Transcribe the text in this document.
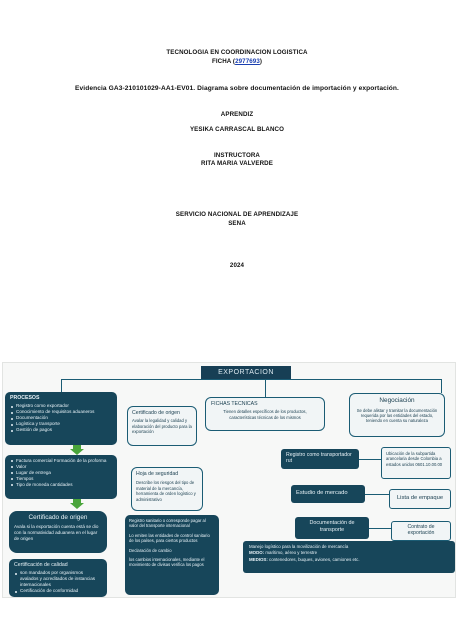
TECNOLOGIA EN COORDINACION LOGISTICA
FICHA (2977693)
Evidencia GA3-210101029-AA1-EV01. Diagrama sobre documentación de importación y exportación.
APRENDIZ
YESIKA CARRASCAL BLANCO
INSTRUCTORA
RITA MARIA VALVERDE
SERVICIO NACIONAL DE APRENDIZAJE
SENA
2024
EXPORTACION
PROCESOS
Registro como exportador
Conocimiento de requisitos aduaneros
Documentación
Logística y transporte
Gestión de pagos
Factura comercial Formación de la proforma
Valor
Lugar de entrega
Tiempos
Tipo de moneda cantidades
Certificado de origen
Avala si la exportación cuenta está se dio con la normatividad aduanera en el lugar de origen
Certificación de calidad
son mandados por organismos avalados y acreditados de instancias internacionales
Certificación de conformidad
Certificado de origen
Avalar la legalidad y calidad y elaboración del producto para la exportación
Hoja de seguridad
Describe los riesgos del tipo de material de la mercancía, herramienta de orden logístico y administrativo
Registro sanitario o corresponde pagar al valor del transporte internacional
Lo emiten las entidades de control sanitario de los países, para ciertos productos
Declaración de cambio
los cambios internacionales, mediante el movimiento de divisas verifica los pagos
FICHAS TECNICAS
Tienen detalles específicos de los productos, características técnicas de los mismos
Negociación
Se debe alistar y tramitar la documentación requerida por las entidades del estado, teniendo en cuenta su naturaleza
Registro como transportador rut
Ubicación de la subpartida arancelaria desde Colombia a estados unidos 0601.10.00.00
Estudio de mercado
Lista de empaque
Documentación de transporte	Contrato de exportación
Manejo logístico para la movilización de mercancía
MODO: marítimo, aéreo y terrestre
MEDIOS: contenedores, buques, aviones, camiones etc.
